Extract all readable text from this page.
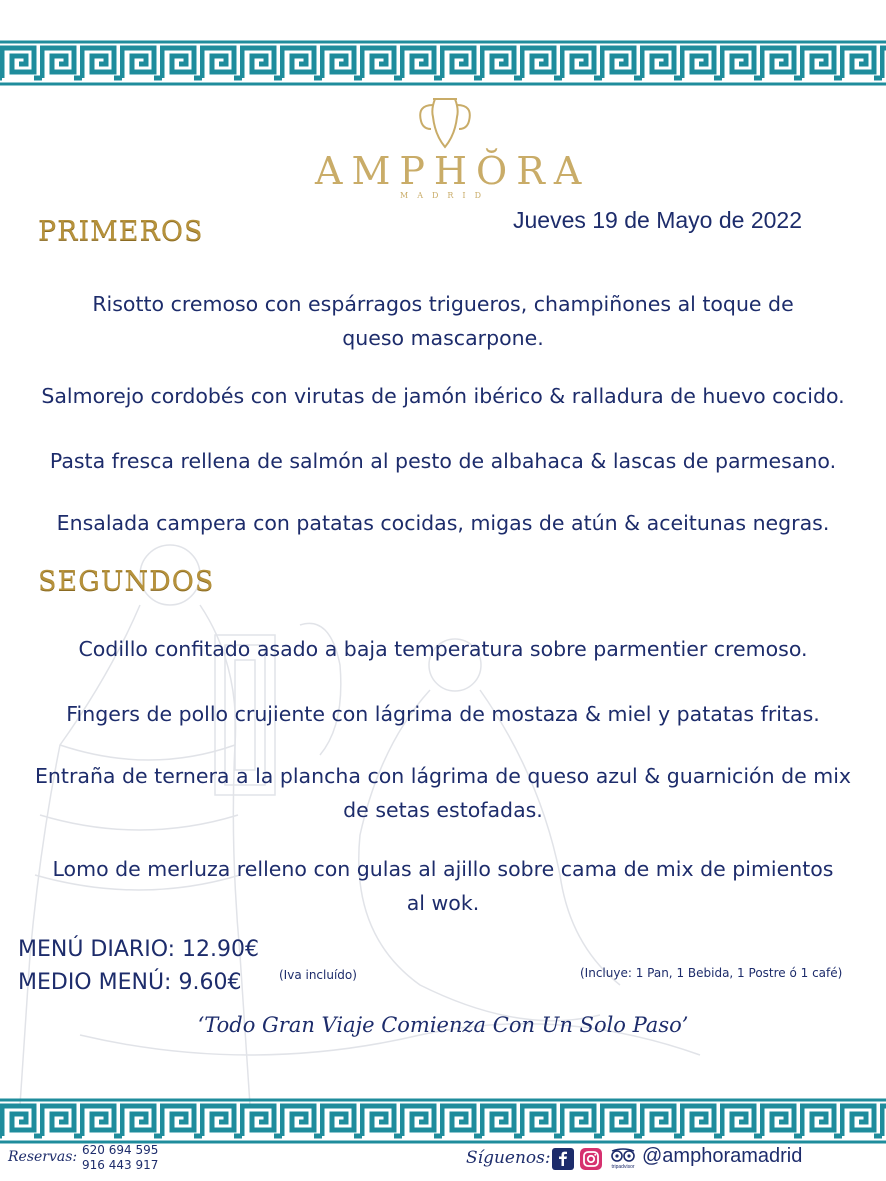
AMPHŎRA
MADRID
Jueves 19 de Mayo de 2022
PRIMEROS
Risotto cremoso con espárragos trigueros, champiñones al toque de
queso mascarpone.
Salmorejo cordobés con virutas de jamón ibérico & ralladura de huevo cocido.
Pasta fresca rellena de salmón al pesto de albahaca & lascas de parmesano.
Ensalada campera con patatas cocidas, migas de atún & aceitunas negras.
SEGUNDOS
Codillo confitado asado a baja temperatura sobre parmentier cremoso.
Fingers de pollo crujiente con lágrima de mostaza & miel y patatas fritas.
Entraña de ternera a la plancha con lágrima de queso azul & guarnición de mix
de setas estofadas.
Lomo de merluza relleno con gulas al ajillo sobre cama de mix de pimientos
al wok.
MENÚ DIARIO: 12.90€
MEDIO MENÚ: 9.60€	(Iva incluído)	(Incluye: 1 Pan, 1 Bebida, 1 Postre ó 1 café)
‘Todo Gran Viaje Comienza Con Un Solo Paso’
Reservas: 620 694 595
916 443 917	Síguenos:	tripadvisor @amphoramadrid
